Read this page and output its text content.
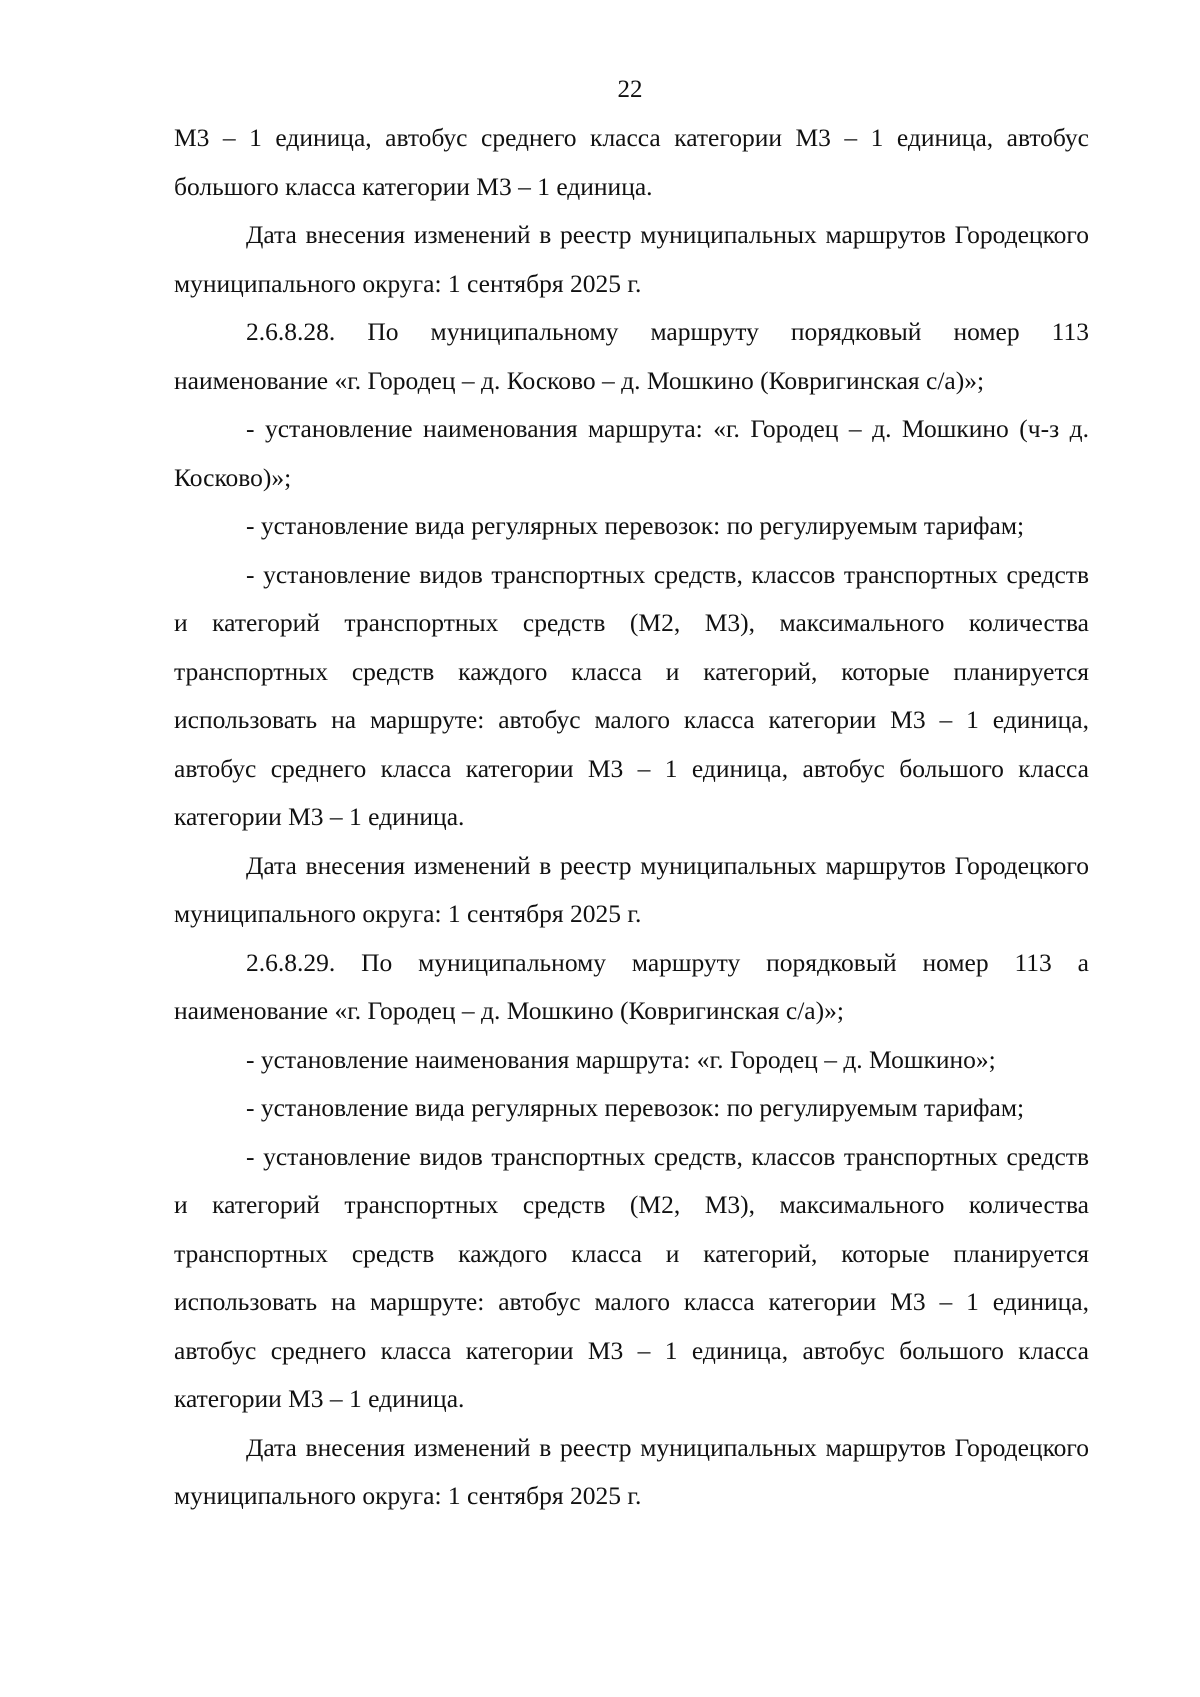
22

М3 – 1 единица, автобус среднего класса категории М3 – 1 единица, автобус большого класса категории М3 – 1 единица.

Дата внесения изменений в реестр муниципальных маршрутов Городецкого муниципального округа: 1 сентября 2025 г.

2.6.8.28. По муниципальному маршруту порядковый номер 113 наименование «г. Городец – д. Косково – д. Мошкино (Ковригинская с/а)»;

- установление наименования маршрута: «г. Городец – д. Мошкино (ч-з д. Косково)»;

- установление вида регулярных перевозок: по регулируемым тарифам;

- установление видов транспортных средств, классов транспортных средств и категорий транспортных средств (М2, М3), максимального количества транспортных средств каждого класса и категорий, которые планируется использовать на маршруте: автобус малого класса категории М3 – 1 единица, автобус среднего класса категории М3 – 1 единица, автобус большого класса категории М3 – 1 единица.

Дата внесения изменений в реестр муниципальных маршрутов Городецкого муниципального округа: 1 сентября 2025 г.

2.6.8.29. По муниципальному маршруту порядковый номер 113 а наименование «г. Городец – д. Мошкино (Ковригинская с/а)»;

- установление наименования маршрута: «г. Городец – д. Мошкино»;

- установление вида регулярных перевозок: по регулируемым тарифам;

- установление видов транспортных средств, классов транспортных средств и категорий транспортных средств (М2, М3), максимального количества транспортных средств каждого класса и категорий, которые планируется использовать на маршруте: автобус малого класса категории М3 – 1 единица, автобус среднего класса категории М3 – 1 единица, автобус большого класса категории М3 – 1 единица.

Дата внесения изменений в реестр муниципальных маршрутов Городецкого муниципального округа: 1 сентября 2025 г.
